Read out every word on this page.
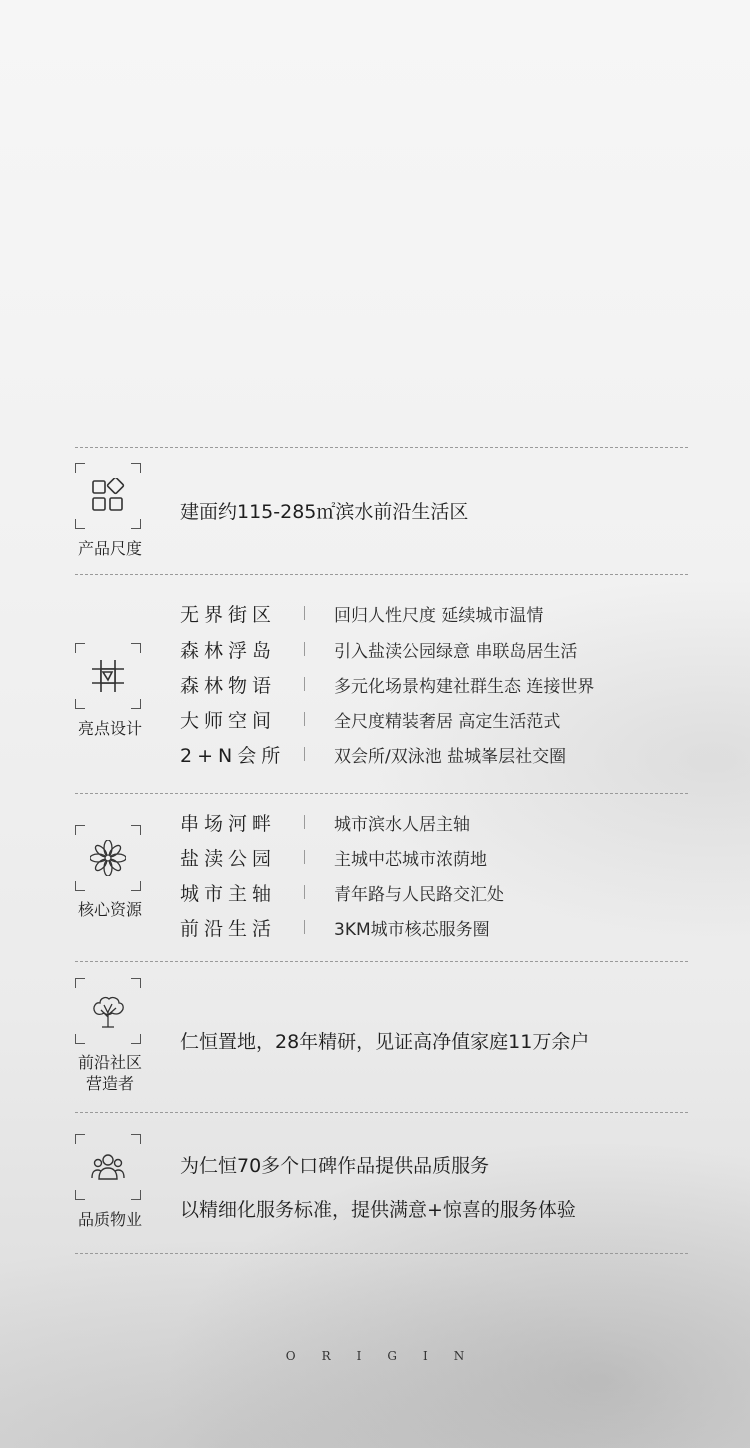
产品尺度
建面约115-285㎡滨水前沿生活区
亮点设计
无界街区	回归人性尺度 延续城市温情
森林浮岛	引入盐渎公园绿意 串联岛居生活
森林物语	多元化场景构建社群生态 连接世界
大师空间	全尺度精装奢居 高定生活范式
2+N会所	双会所/双泳池 盐城峯层社交圈
核心资源
串场河畔	城市滨水人居主轴
盐渎公园	主城中芯城市浓荫地
城市主轴	青年路与人民路交汇处
前沿生活	3KM城市核芯服务圈
前沿社区
营造者
仁恒置地，28年精研，见证高净值家庭11万余户
品质物业
为仁恒70多个口碑作品提供品质服务
以精细化服务标准，提供满意+惊喜的服务体验
ORIGIN
